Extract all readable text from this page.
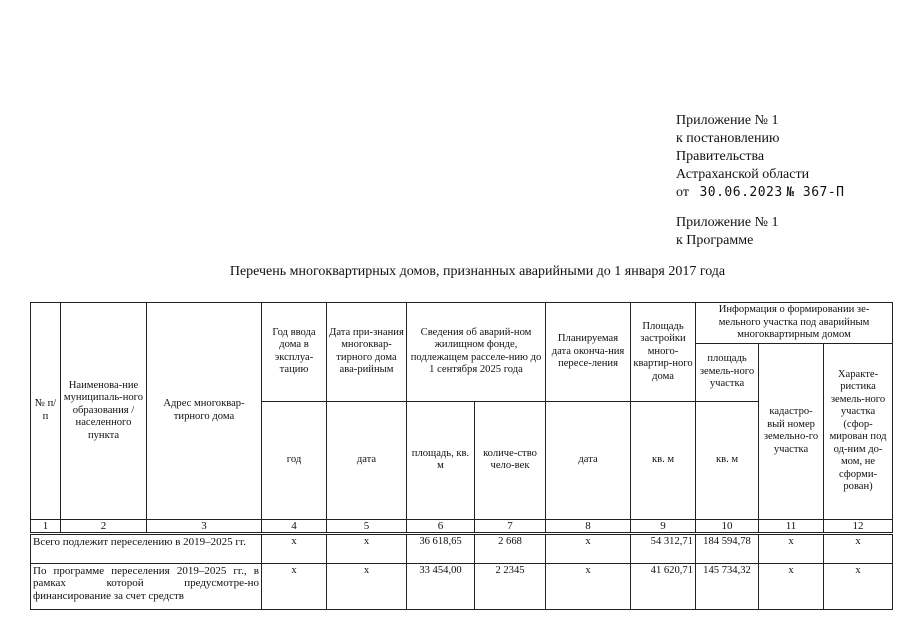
Приложение № 1
к постановлению
Правительства
Астраханской области
от 30.06.2023 № 367-П
Приложение № 1
к Программе
Перечень многоквартирных домов, признанных аварийными до 1 января 2017 года
№ п/п	Наименова-ние муниципаль-ного образования / населенного пункта	Адрес многоквар-тирного дома	Год ввода дома в эксплуа-тацию	Дата при-знания многоквар-тирного дома ава-рийным	Сведения об аварий-ном жилищном фонде, подлежащем расселе-нию до 1 сентября 2025 года		Планируемая дата оконча-ния пересе-ления	Площадь застройки много-квартир-ного дома	Информация о формировании зе-мельного участка под аварийным многоквартирным домом		
									площадь земель-ного участка	кадастро-вый номер земельно-го участка	Характе-ристика земель-ного участка (сфор-мирован под од-ним до-мом, не сформи-рован)
			год	дата	площадь, кв. м	количе-ство чело-век	дата	кв. м	кв. м		
1	2	3	4	5	6	7	8	9	10	11	12
Всего подлежит переселению в 2019–2025 гг.			х	х	36 618,65	2 668	х	54 312,71	184 594,78	х	х
По программе переселения 2019–2025 гг., в рамках которой предусмотре-но финансирование за счет средств			х	х	33 454,00	2 2345	х	41 620,71	145 734,32	х	х
